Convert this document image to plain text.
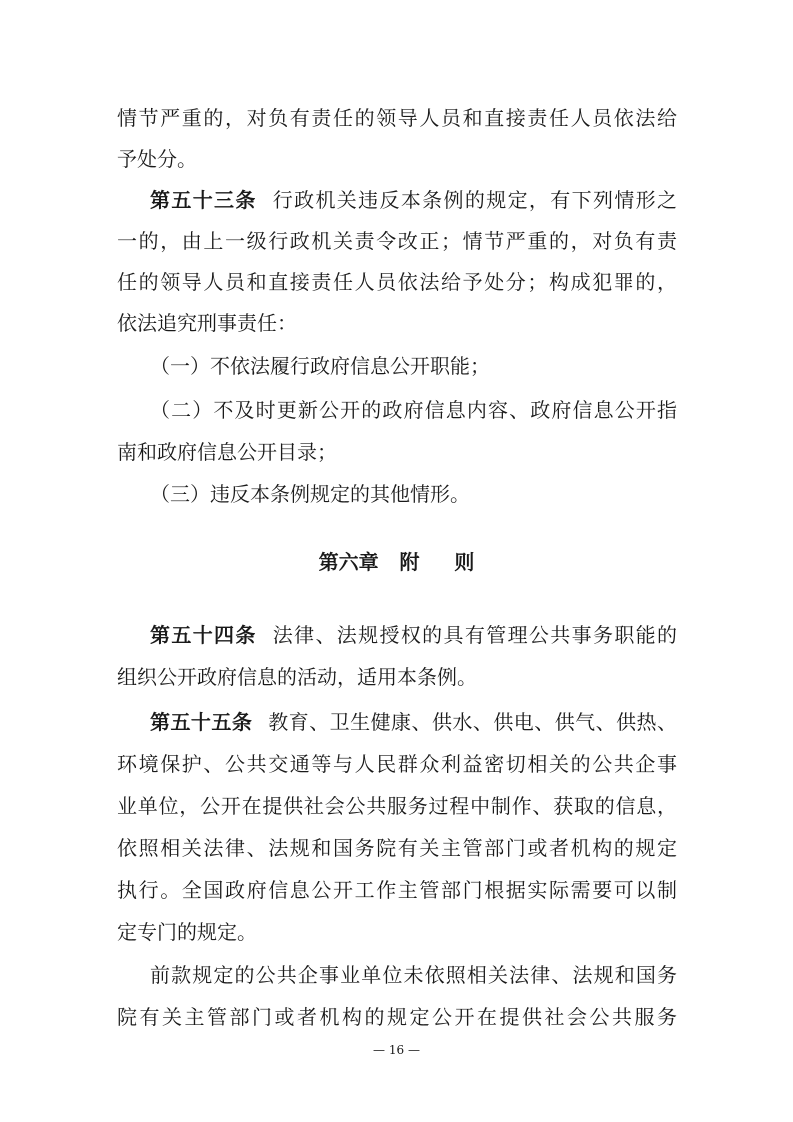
情节严重的，对负有责任的领导人员和直接责任人员依法给
予处分。
第五十三条 行政机关违反本条例的规定，有下列情形之
一的，由上一级行政机关责令改正；情节严重的，对负有责
任的领导人员和直接责任人员依法给予处分；构成犯罪的，
依法追究刑事责任：
（一）不依法履行政府信息公开职能；
（二）不及时更新公开的政府信息内容、政府信息公开指
南和政府信息公开目录；
（三）违反本条例规定的其他情形。
第六章   附     则
第五十四条 法律、法规授权的具有管理公共事务职能的
组织公开政府信息的活动，适用本条例。
第五十五条 教育、卫生健康、供水、供电、供气、供热、
环境保护、公共交通等与人民群众利益密切相关的公共企事
业单位，公开在提供社会公共服务过程中制作、获取的信息，
依照相关法律、法规和国务院有关主管部门或者机构的规定
执行。全国政府信息公开工作主管部门根据实际需要可以制
定专门的规定。
前款规定的公共企事业单位未依照相关法律、法规和国务
院有关主管部门或者机构的规定公开在提供社会公共服务
— 16 —
